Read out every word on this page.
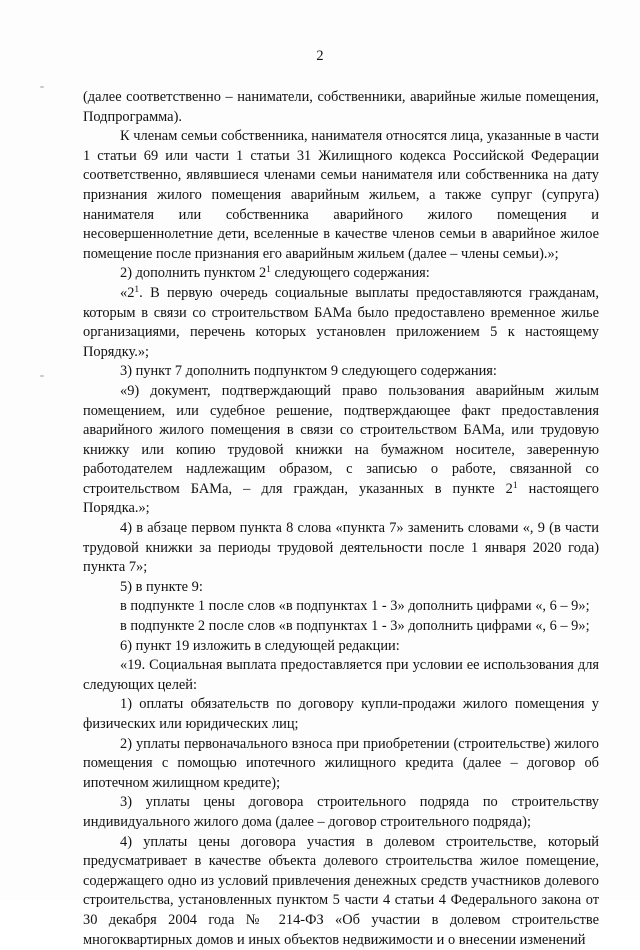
2

(далее соответственно – наниматели, собственники, аварийные жилые помещения, Подпрограмма).

К членам семьи собственника, нанимателя относятся лица, указанные в части 1 статьи 69 или части 1 статьи 31 Жилищного кодекса Российской Федерации соответственно, являвшиеся членами семьи нанимателя или собственника на дату признания жилого помещения аварийным жильем, а также супруг (супруга) нанимателя или собственника аварийного жилого помещения и несовершеннолетние дети, вселенные в качестве членов семьи в аварийное жилое помещение после признания его аварийным жильем (далее – члены семьи).»;

2) дополнить пунктом $2^1$ следующего содержания:

«$2^1$. В первую очередь социальные выплаты предоставляются гражданам, которым в связи со строительством БАМа было предоставлено временное жилье организациями, перечень которых установлен приложением 5 к настоящему Порядку.»;

3) пункт 7 дополнить подпунктом 9 следующего содержания:

«9) документ, подтверждающий право пользования аварийным жилым помещением, или судебное решение, подтверждающее факт предоставления аварийного жилого помещения в связи со строительством БАМа, или трудовую книжку или копию трудовой книжки на бумажном носителе, заверенную работодателем надлежащим образом, с записью о работе, связанной со строительством БАМа, – для граждан, указанных в пункте $2^1$ настоящего Порядка.»;

4) в абзаце первом пункта 8 слова «пункта 7» заменить словами «, 9 (в части трудовой книжки за периоды трудовой деятельности после 1 января 2020 года) пункта 7»;

5) в пункте 9:

в подпункте 1 после слов «в подпунктах 1 - 3» дополнить цифрами «, 6 – 9»;

в подпункте 2 после слов «в подпунктах 1 - 3» дополнить цифрами «, 6 – 9»;

6) пункт 19 изложить в следующей редакции:

«19. Социальная выплата предоставляется при условии ее использования для следующих целей:

1) оплаты обязательств по договору купли-продажи жилого помещения у физических или юридических лиц;

2) уплаты первоначального взноса при приобретении (строительстве) жилого помещения с помощью ипотечного жилищного кредита (далее – договор об ипотечном жилищном кредите);

3) уплаты цены договора строительного подряда по строительству индивидуального жилого дома (далее – договор строительного подряда);

4) уплаты цены договора участия в долевом строительстве, который предусматривает в качестве объекта долевого строительства жилое помещение, содержащего одно из условий привлечения денежных средств участников долевого строительства, установленных пунктом 5 части 4 статьи 4 Федерального закона от 30 декабря 2004 года № 214-ФЗ «Об участии в долевом строительстве многоквартирных домов и иных объектов недвижимости и о внесении изменений
